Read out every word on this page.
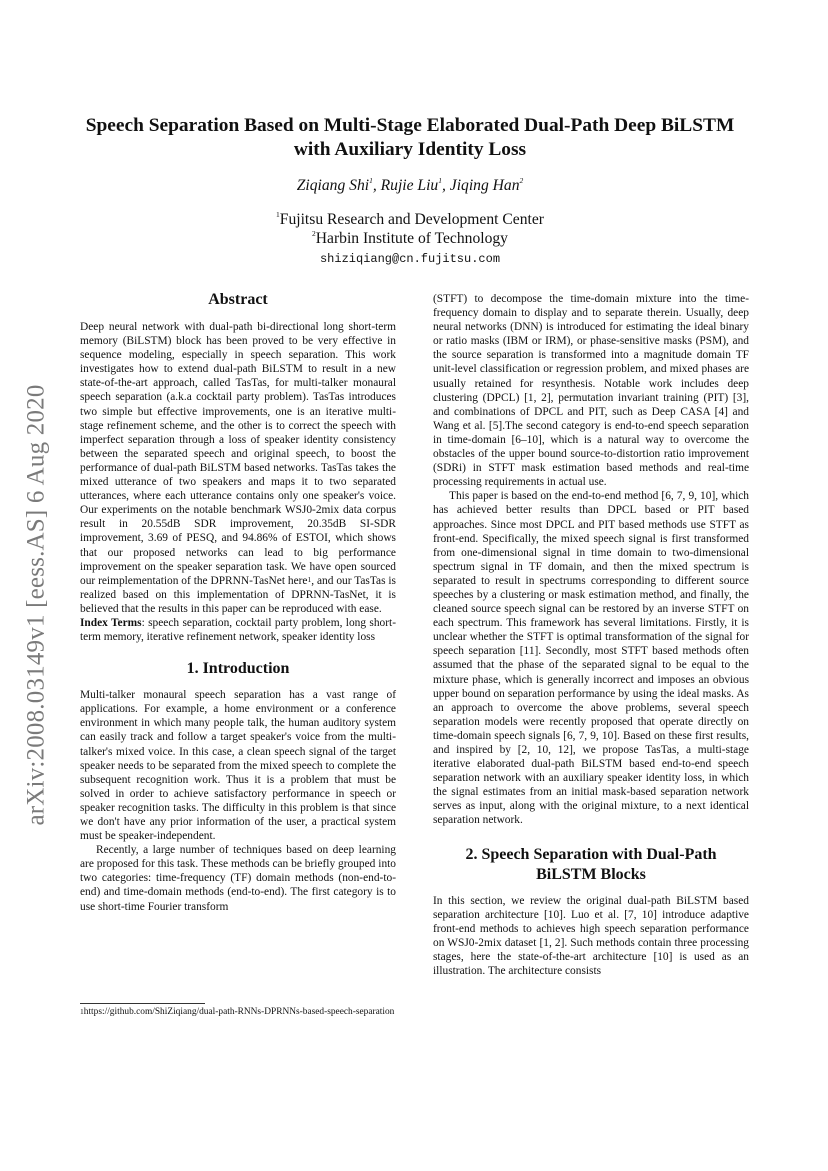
arXiv:2008.03149v1 [eess.AS] 6 Aug 2020
Speech Separation Based on Multi-Stage Elaborated Dual-Path Deep BiLSTM
with Auxiliary Identity Loss
Ziqiang Shi$^1$, Rujie Liu$^1$, Jiqing Han$^2$
$^1$Fujitsu Research and Development Center
$^2$Harbin Institute of Technology
shiziqiang@cn.fujitsu.com
Abstract

Deep neural network with dual-path bi-directional long short-term memory (BiLSTM) block has been proved to be very effective in sequence modeling, especially in speech separation. This work investigates how to extend dual-path BiLSTM to result in a new state-of-the-art approach, called TasTas, for multi-talker monaural speech separation (a.k.a cocktail party problem). TasTas introduces two simple but effective improvements, one is an iterative multi-stage refinement scheme, and the other is to correct the speech with imperfect separation through a loss of speaker identity consistency between the separated speech and original speech, to boost the performance of dual-path BiLSTM based networks. TasTas takes the mixed utterance of two speakers and maps it to two separated utterances, where each utterance contains only one speaker's voice. Our experiments on the notable benchmark WSJ0-2mix data corpus result in 20.55dB SDR improvement, 20.35dB SI-SDR improvement, 3.69 of PESQ, and 94.86% of ESTOI, which shows that our proposed networks can lead to big performance improvement on the speaker separation task. We have open sourced our reimplementation of the DPRNN-TasNet here$^1$, and our TasTas is realized based on this implementation of DPRNN-TasNet, it is believed that the results in this paper can be reproduced with ease.

Index Terms: speech separation, cocktail party problem, long short-term memory, iterative refinement network, speaker identity loss

1. Introduction

Multi-talker monaural speech separation has a vast range of applications. For example, a home environment or a conference environment in which many people talk, the human auditory system can easily track and follow a target speaker's voice from the multi-talker's mixed voice. In this case, a clean speech signal of the target speaker needs to be separated from the mixed speech to complete the subsequent recognition work. Thus it is a problem that must be solved in order to achieve satisfactory performance in speech or speaker recognition tasks. The difficulty in this problem is that since we don't have any prior information of the user, a practical system must be speaker-independent.

Recently, a large number of techniques based on deep learning are proposed for this task. These methods can be briefly grouped into two categories: time-frequency (TF) domain methods (non-end-to-end) and time-domain methods (end-to-end). The first category is to use short-time Fourier transform

$^1$https://github.com/ShiZiqiang/dual-path-RNNs-DPRNNs-based-speech-separation

(STFT) to decompose the time-domain mixture into the time-frequency domain to display and to separate therein. Usually, deep neural networks (DNN) is introduced for estimating the ideal binary or ratio masks (IBM or IRM), or phase-sensitive masks (PSM), and the source separation is transformed into a magnitude domain TF unit-level classification or regression problem, and mixed phases are usually retained for resynthesis. Notable work includes deep clustering (DPCL) [1, 2], permutation invariant training (PIT) [3], and combinations of DPCL and PIT, such as Deep CASA [4] and Wang et al. [5].The second category is end-to-end speech separation in time-domain [6–10], which is a natural way to overcome the obstacles of the upper bound source-to-distortion ratio improvement (SDRi) in STFT mask estimation based methods and real-time processing requirements in actual use.

This paper is based on the end-to-end method [6, 7, 9, 10], which has achieved better results than DPCL based or PIT based approaches. Since most DPCL and PIT based methods use STFT as front-end. Specifically, the mixed speech signal is first transformed from one-dimensional signal in time domain to two-dimensional spectrum signal in TF domain, and then the mixed spectrum is separated to result in spectrums corresponding to different source speeches by a clustering or mask estimation method, and finally, the cleaned source speech signal can be restored by an inverse STFT on each spectrum. This framework has several limitations. Firstly, it is unclear whether the STFT is optimal transformation of the signal for speech separation [11]. Secondly, most STFT based methods often assumed that the phase of the separated signal to be equal to the mixture phase, which is generally incorrect and imposes an obvious upper bound on separation performance by using the ideal masks. As an approach to overcome the above problems, several speech separation models were recently proposed that operate directly on time-domain speech signals [6, 7, 9, 10]. Based on these first results, and inspired by [2, 10, 12], we propose TasTas, a multi-stage iterative elaborated dual-path BiLSTM based end-to-end speech separation network with an auxiliary speaker identity loss, in which the signal estimates from an initial mask-based separation network serves as input, along with the original mixture, to a next identical separation network.

2. Speech Separation with Dual-Path
BiLSTM Blocks

In this section, we review the original dual-path BiLSTM based separation architecture [10]. Luo et al. [7, 10] introduce adaptive front-end methods to achieves high speech separation performance on WSJ0-2mix dataset [1, 2]. Such methods contain three processing stages, here the state-of-the-art architecture [10] is used as an illustration. The architecture consists
